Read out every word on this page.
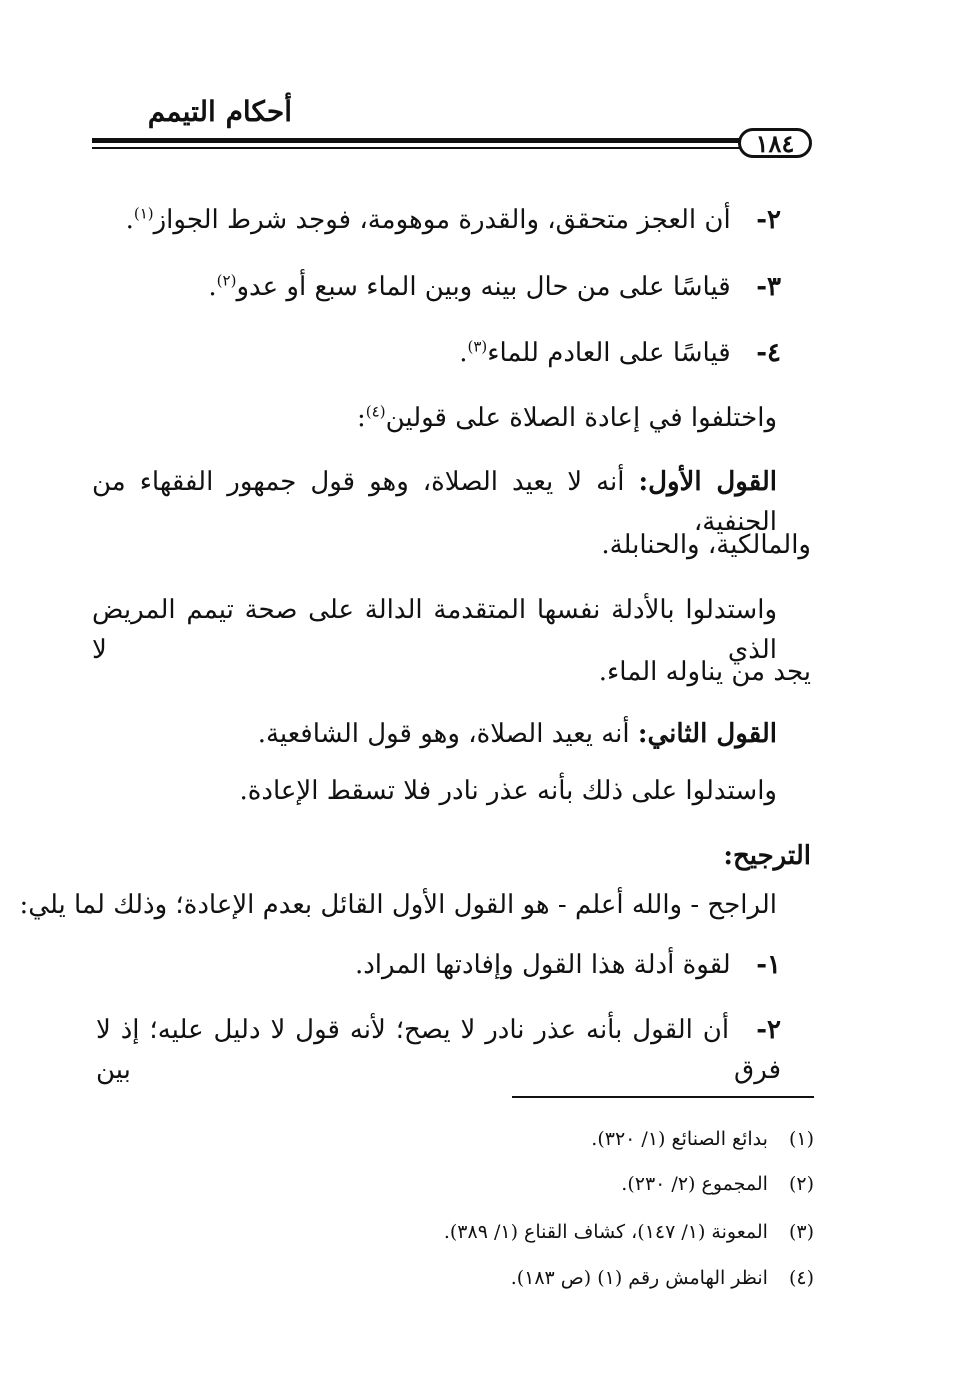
أحكام التيمم
١٨٤
٢- أن العجز متحقق، والقدرة موهومة، فوجد شرط الجواز$^{(١)}$.
٣- قياسًا على من حال بينه وبين الماء سبع أو عدو$^{(٢)}$.
٤- قياسًا على العادم للماء$^{(٣)}$.
واختلفوا في إعادة الصلاة على قولين$^{(٤)}$:
القول الأول: أنه لا يعيد الصلاة، وهو قول جمهور الفقهاء من الحنفية،
والمالكية، والحنابلة.
واستدلوا بالأدلة نفسها المتقدمة الدالة على صحة تيمم المريض الذي لا
يجد من يناوله الماء.
القول الثاني: أنه يعيد الصلاة، وهو قول الشافعية.
واستدلوا على ذلك بأنه عذر نادر فلا تسقط الإعادة.
الترجيح:
الراجح - والله أعلم - هو القول الأول القائل بعدم الإعادة؛ وذلك لما يلي:
١- لقوة أدلة هذا القول وإفادتها المراد.
٢- أن القول بأنه عذر نادر لا يصح؛ لأنه قول لا دليل عليه؛ إذ لا فرق بين
(١) بدائع الصنائع (١/ ٣٢٠).
(٢) المجموع (٢/ ٢٣٠).
(٣) المعونة (١/ ١٤٧)، كشاف القناع (١/ ٣٨٩).
(٤) انظر الهامش رقم (١) (ص ١٨٣).
